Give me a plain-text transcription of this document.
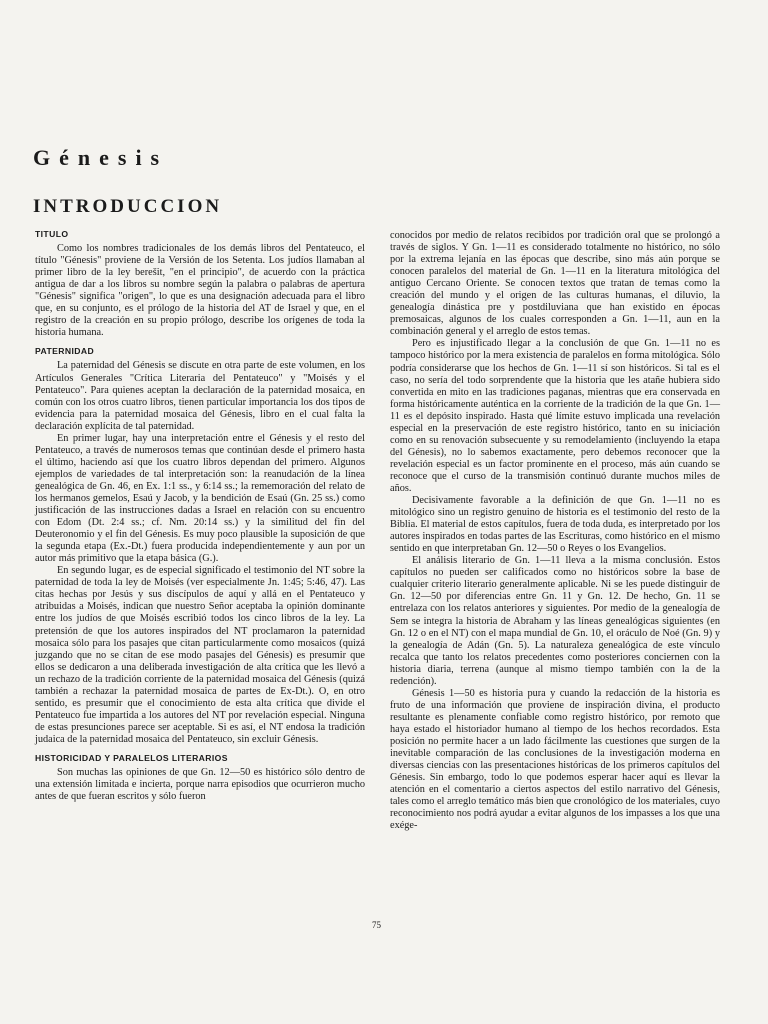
Génesis
INTRODUCCION
TITULO

Como los nombres tradicionales de los demás libros del Pentateuco, el título "Génesis" proviene de la Versión de los Setenta. Los judíos llamaban al primer libro de la ley berešit, "en el principio", de acuerdo con la práctica antigua de dar a los libros su nombre según la palabra o palabras de apertura "Génesis" significa "origen", lo que es una designación adecuada para el libro que, en su conjunto, es el prólogo de la historia del AT de Israel y que, en el registro de la creación en su propio prólogo, describe los orígenes de toda la historia humana.

PATERNIDAD

La paternidad del Génesis se discute en otra parte de este volumen, en los Artículos Generales "Crítica Literaria del Pentateuco" y "Moisés y el Pentateuco". Para quienes aceptan la declaración de la paternidad mosaica, en común con los otros cuatro libros, tienen particular importancia los dos tipos de evidencia para la paternidad mosaica del Génesis, libro en el cual falta la declaración explícita de tal paternidad.

En primer lugar, hay una interpretación entre el Génesis y el resto del Pentateuco, a través de numerosos temas que continúan desde el primero hasta el último, haciendo así que los cuatro libros dependan del primero. Algunos ejemplos de variedades de tal interpretación son: la reanudación de la línea genealógica de Gn. 46, en Ex. 1:1 ss., y 6:14 ss.; la rememoración del relato de los hermanos gemelos, Esaú y Jacob, y la bendición de Esaú (Gn. 25 ss.) como justificación de las instrucciones dadas a Israel en relación con su encuentro con Edom (Dt. 2:4 ss.; cf. Nm. 20:14 ss.) y la similitud del fin del Deuteronomio y el fin del Génesis. Es muy poco plausible la suposición de que la segunda etapa (Ex.-Dt.) fuera producida independientemente y aun por un autor más primitivo que la etapa básica (G.).

En segundo lugar, es de especial significado el testimonio del NT sobre la paternidad de toda la ley de Moisés (ver especialmente Jn. 1:45; 5:46, 47). Las citas hechas por Jesús y sus discípulos de aquí y allá en el Pentateuco y atribuidas a Moisés, indican que nuestro Señor aceptaba la opinión dominante entre los judíos de que Moisés escribió todos los cinco libros de la ley. La pretensión de que los autores inspirados del NT proclamaron la paternidad mosaica sólo para los pasajes que citan particularmente como mosaicos (quizá juzgando que no se citan de ese modo pasajes del Génesis) es presumir que ellos se dedicaron a una deliberada investigación de alta crítica que les llevó a un rechazo de la tradición corriente de la paternidad mosaica del Génesis (quizá también a rechazar la paternidad mosaica de partes de Ex-Dt.). O, en otro sentido, es presumir que el conocimiento de esta alta crítica que divide el Pentateuco fue impartida a los autores del NT por revelación especial. Ninguna de estas presunciones parece ser aceptable. Si es así, el NT endosa la tradición judaica de la paternidad mosaica del Pentateuco, sin excluir Génesis.

HISTORICIDAD Y PARALELOS LITERARIOS

Son muchas las opiniones de que Gn. 12—50 es histórico sólo dentro de una extensión limitada e incierta, porque narra episodios que ocurrieron mucho antes de que fueran escritos y sólo fueron

conocidos por medio de relatos recibidos por tradición oral que se prolongó a través de siglos. Y Gn. 1—11 es considerado totalmente no histórico, no sólo por la extrema lejanía en las épocas que describe, sino más aún porque se conocen paralelos del material de Gn. 1—11 en la literatura mitológica del antiguo Cercano Oriente. Se conocen textos que tratan de temas como la creación del mundo y el origen de las culturas humanas, el diluvio, la genealogía dinástica pre y postdiluviana que han existido en épocas premosaicas, algunos de los cuales corresponden a Gn. 1—11, aun en la combinación general y el arreglo de estos temas.

Pero es injustificado llegar a la conclusión de que Gn. 1—11 no es tampoco histórico por la mera existencia de paralelos en forma mitológica. Sólo podría considerarse que los hechos de Gn. 1—11 sí son históricos. Si tal es el caso, no sería del todo sorprendente que la historia que les atañe hubiera sido convertida en mito en las tradiciones paganas, mientras que era conservada en forma históricamente auténtica en la corriente de la tradición de la que Gn. 1—11 es el depósito inspirado. Hasta qué límite estuvo implicada una revelación especial en la preservación de este registro histórico, tanto en su iniciación como en su renovación subsecuente y su remodelamiento (incluyendo la etapa del Génesis), no lo sabemos exactamente, pero debemos reconocer que la revelación especial es un factor prominente en el proceso, más aún cuando se reconoce que el curso de la transmisión continuó durante muchos miles de años.

Decisivamente favorable a la definición de que Gn. 1—11 no es mitológico sino un registro genuino de historia es el testimonio del resto de la Biblia. El material de estos capítulos, fuera de toda duda, es interpretado por los autores inspirados en todas partes de las Escrituras, como histórico en el mismo sentido en que interpretaban Gn. 12—50 o Reyes o los Evangelios.

El análisis literario de Gn. 1—11 lleva a la misma conclusión. Estos capítulos no pueden ser calificados como no históricos sobre la base de cualquier criterio literario generalmente aplicable. Ni se les puede distinguir de Gn. 12—50 por diferencias entre Gn. 11 y Gn. 12. De hecho, Gn. 11 se entrelaza con los relatos anteriores y siguientes. Por medio de la genealogía de Sem se integra la historia de Abraham y las líneas genealógicas siguientes (en Gn. 12 o en el NT) con el mapa mundial de Gn. 10, el oráculo de Noé (Gn. 9) y la genealogía de Adán (Gn. 5). La naturaleza genealógica de este vínculo recalca que tanto los relatos precedentes como posteriores conciernen con la historia diaria, terrena (aunque al mismo tiempo también con la de la redención).

Génesis 1—50 es historia pura y cuando la redacción de la historia es fruto de una información que proviene de inspiración divina, el producto resultante es plenamente confiable como registro histórico, por remoto que haya estado el historiador humano al tiempo de los hechos recordados. Esta posición no permite hacer a un lado fácilmente las cuestiones que surgen de la inevitable comparación de las conclusiones de la investigación moderna en diversas ciencias con las presentaciones históricas de los primeros capítulos del Génesis. Sin embargo, todo lo que podemos esperar hacer aquí es llevar la atención en el comentario a ciertos aspectos del estilo narrativo del Génesis, tales como el arreglo temático más bien que cronológico de los materiales, cuyo reconocimiento nos podrá ayudar a evitar algunos de los impasses a los que una exége-

75
